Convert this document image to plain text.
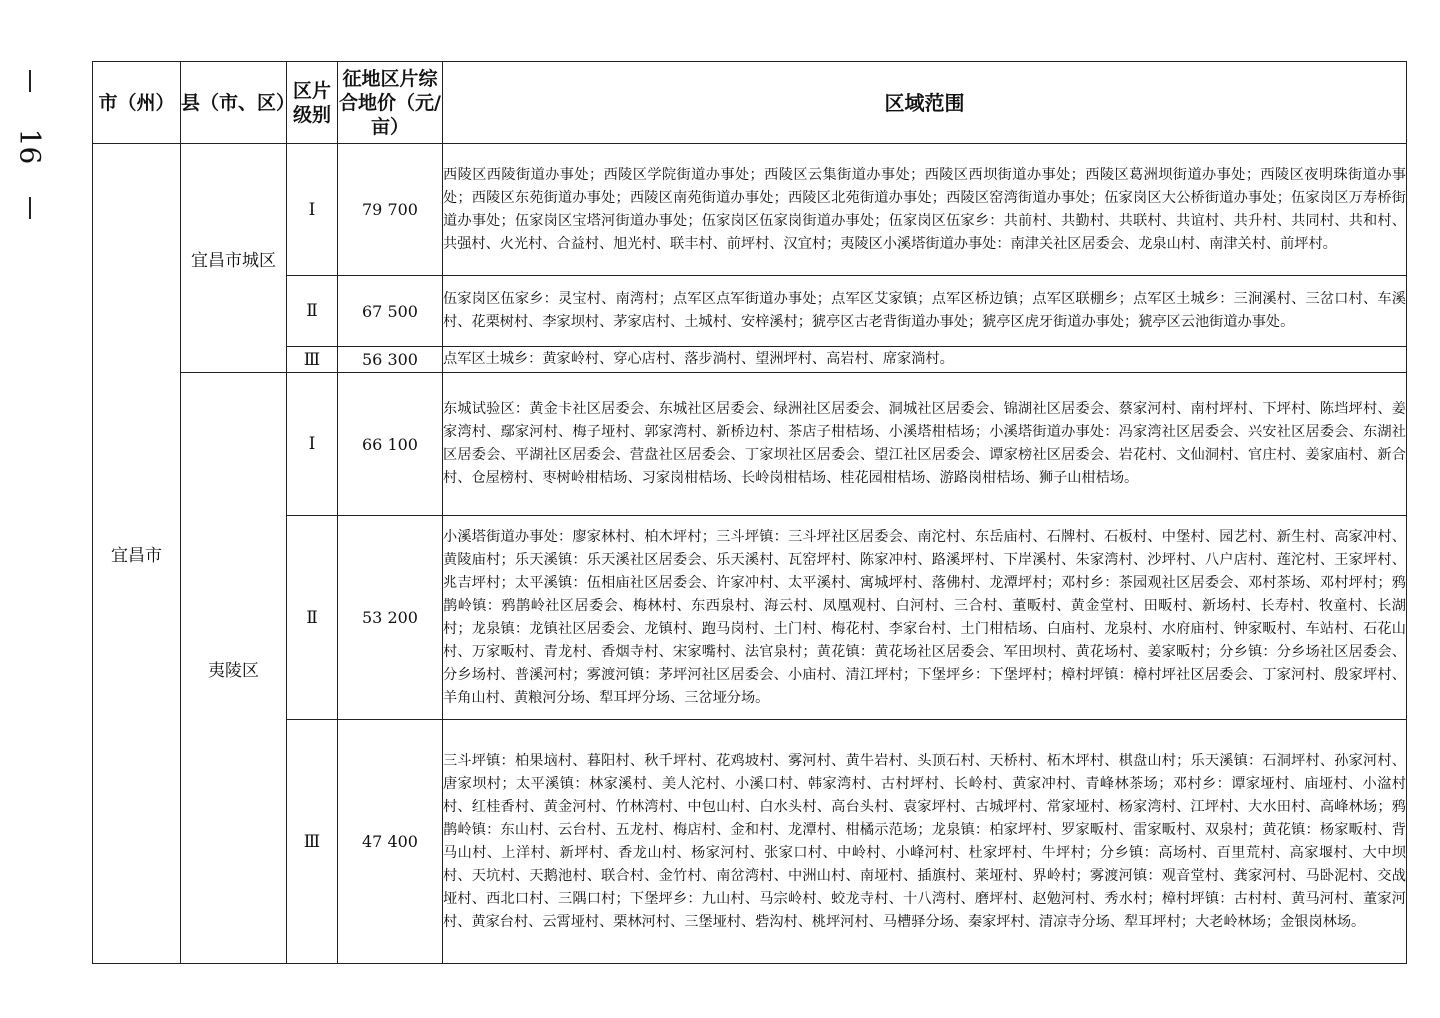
16
市（州）	县（市、区）	区片级别	征地区片综合地价（元/亩）	区域范围
宜昌市	宜昌市城区	Ⅰ	79 700	西陵区西陵街道办事处；西陵区学院街道办事处；西陵区云集街道办事处；西陵区西坝街道办事处；西陵区葛洲坝街道办事处；西陵区夜明珠街道办事处；西陵区东苑街道办事处；西陵区南苑街道办事处；西陵区北苑街道办事处；西陵区窑湾街道办事处；伍家岗区大公桥街道办事处；伍家岗区万寿桥街道办事处；伍家岗区宝塔河街道办事处；伍家岗区伍家岗街道办事处；伍家岗区伍家乡：共前村、共勤村、共联村、共谊村、共升村、共同村、共和村、共强村、火光村、合益村、旭光村、联丰村、前坪村、汉宜村；夷陵区小溪塔街道办事处：南津关社区居委会、龙泉山村、南津关村、前坪村。
		Ⅱ	67 500	伍家岗区伍家乡：灵宝村、南湾村；点军区点军街道办事处；点军区艾家镇；点军区桥边镇；点军区联棚乡；点军区土城乡：三涧溪村、三岔口村、车溪村、花栗树村、李家坝村、茅家店村、土城村、安梓溪村；猇亭区古老背街道办事处；猇亭区虎牙街道办事处；猇亭区云池街道办事处。
		Ⅲ	56 300	点军区土城乡：黄家岭村、穿心店村、落步淌村、望洲坪村、高岩村、席家淌村。
	夷陵区	Ⅰ	66 100	东城试验区：黄金卡社区居委会、东城社区居委会、绿洲社区居委会、洞城社区居委会、锦湖社区居委会、蔡家河村、南村坪村、下坪村、陈垱坪村、姜家湾村、鄢家河村、梅子垭村、郭家湾村、新桥边村、茶店子柑桔场、小溪塔柑桔场；小溪塔街道办事处：冯家湾社区居委会、兴安社区居委会、东湖社区居委会、平湖社区居委会、营盘社区居委会、丁家坝社区居委会、望江社区居委会、谭家榜社区居委会、岩花村、文仙洞村、官庄村、姜家庙村、新合村、仓屋榜村、枣树岭柑桔场、习家岗柑桔场、长岭岗柑桔场、桂花园柑桔场、游路岗柑桔场、狮子山柑桔场。
		Ⅱ	53 200	小溪塔街道办事处：廖家林村、柏木坪村；三斗坪镇：三斗坪社区居委会、南沱村、东岳庙村、石牌村、石板村、中堡村、园艺村、新生村、高家冲村、黄陵庙村；乐天溪镇：乐天溪社区居委会、乐天溪村、瓦窑坪村、陈家冲村、路溪坪村、下岸溪村、朱家湾村、沙坪村、八户店村、莲沱村、王家坪村、兆吉坪村；太平溪镇：伍相庙社区居委会、许家冲村、太平溪村、寓城坪村、落佛村、龙潭坪村；邓村乡：茶园观社区居委会、邓村茶场、邓村坪村；鸦鹊岭镇：鸦鹊岭社区居委会、梅林村、东西泉村、海云村、凤凰观村、白河村、三合村、董畈村、黄金堂村、田畈村、新场村、长寿村、牧童村、长湖村；龙泉镇：龙镇社区居委会、龙镇村、跑马岗村、土门村、梅花村、李家台村、土门柑桔场、白庙村、龙泉村、水府庙村、钟家畈村、车站村、石花山村、万家畈村、青龙村、香烟寺村、宋家嘴村、法官泉村；黄花镇：黄花场社区居委会、军田坝村、黄花场村、姜家畈村；分乡镇：分乡场社区居委会、分乡场村、普溪河村；雾渡河镇：茅坪河社区居委会、小庙村、清江坪村；下堡坪乡：下堡坪村；樟村坪镇：樟村坪社区居委会、丁家河村、殷家坪村、羊角山村、黄粮河分场、犁耳坪分场、三岔垭分场。
		Ⅲ	47 400	三斗坪镇：柏果垴村、暮阳村、秋千坪村、花鸡坡村、雾河村、黄牛岩村、头顶石村、天桥村、柘木坪村、棋盘山村；乐天溪镇：石洞坪村、孙家河村、唐家坝村；太平溪镇：林家溪村、美人沱村、小溪口村、韩家湾村、古村坪村、长岭村、黄家冲村、青峰林茶场；邓村乡：谭家垭村、庙垭村、小湓村村、红桂香村、黄金河村、竹林湾村、中包山村、白水头村、高台头村、袁家坪村、古城坪村、常家垭村、杨家湾村、江坪村、大水田村、高峰林场；鸦鹊岭镇：东山村、云台村、五龙村、梅店村、金和村、龙潭村、柑橘示范场；龙泉镇：柏家坪村、罗家畈村、雷家畈村、双泉村；黄花镇：杨家畈村、背马山村、上洋村、新坪村、香龙山村、杨家河村、张家口村、中岭村、小峰河村、杜家坪村、牛坪村；分乡镇：高场村、百里荒村、高家堰村、大中坝村、天坑村、天鹅池村、联合村、金竹村、南岔湾村、中洲山村、南垭村、插旗村、莱垭村、界岭村；雾渡河镇：观音堂村、龚家河村、马卧泥村、交战垭村、西北口村、三隅口村；下堡坪乡：九山村、马宗岭村、蛟龙寺村、十八湾村、磨坪村、赵勉河村、秀水村；樟村坪镇：古村村、黄马河村、董家河村、黄家台村、云霄垭村、栗林河村、三堡垭村、砦沟村、桃坪河村、马槽驿分场、秦家坪村、清凉寺分场、犁耳坪村；大老岭林场；金银岗林场。
